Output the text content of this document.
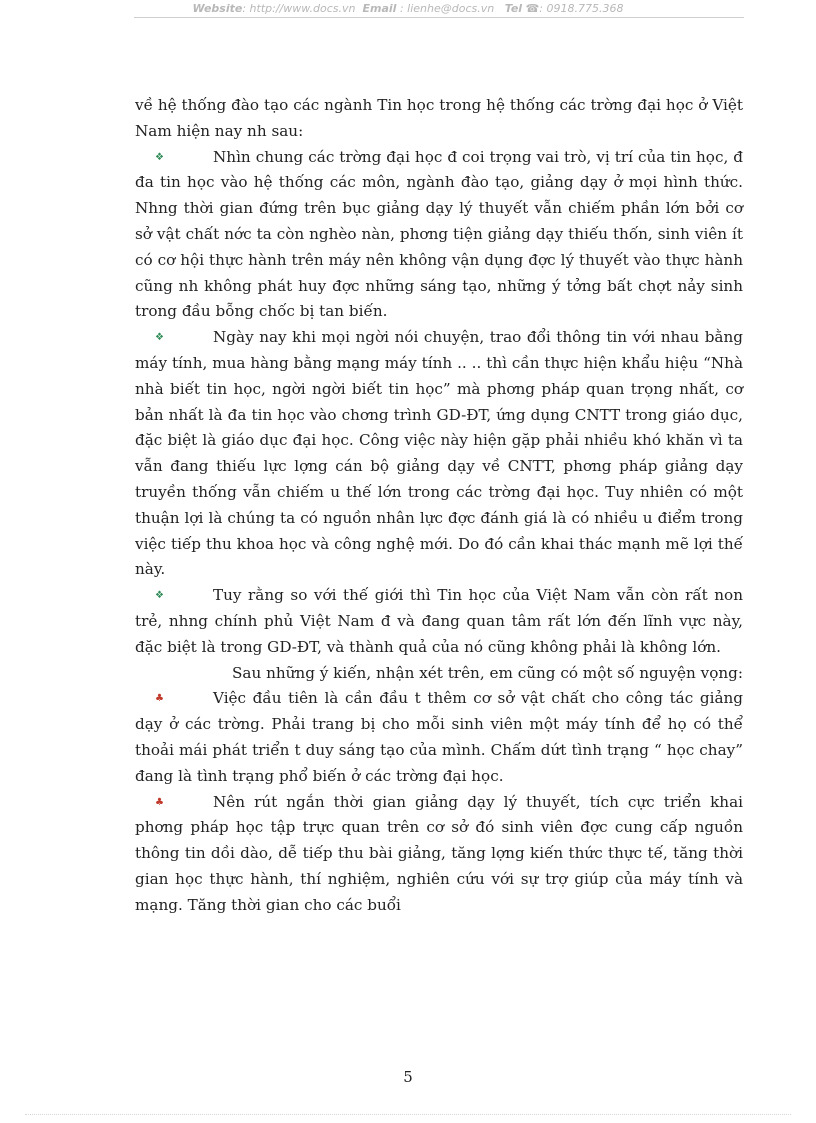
Website: http://www.docs.vn Email : lienhe@docs.vn Tel ☎: 0918.775.368

về hệ thống đào tạo các ngành Tin học trong hệ thống các trờng đại học ở Việt Nam hiện nay nh sau:

❖	Nhìn chung các trờng đại học đ coi trọng vai trò, vị trí của tin học, đ đa tin học vào hệ thống các môn, ngành đào tạo, giảng dạy ở mọi hình thức. Nhng thời gian đứng trên bục giảng dạy lý thuyết vẫn chiếm phần lớn bởi cơ sở vật chất nớc ta còn nghèo nàn, phơng tiện giảng dạy thiếu thốn, sinh viên ít có cơ hội thực hành trên máy nên không vận dụng đợc lý thuyết vào thực hành cũng nh không phát huy đợc những sáng tạo, những ý tởng bất chợt nảy sinh trong đầu bỗng chốc bị tan biến.

❖	Ngày nay khi mọi ngời nói chuyện, trao đổi thông tin với nhau bằng máy tính, mua hàng bằng mạng máy tính .. .. thì cần thực hiện khẩu hiệu “Nhà nhà biết tin học, ngời ngời biết tin học” mà phơng pháp quan trọng nhất, cơ bản nhất là đa tin học vào chơng trình GD-ĐT, ứng dụng CNTT trong giáo dục, đặc biệt là giáo dục đại học. Công việc này hiện gặp phải nhiều khó khăn vì ta vẫn đang thiếu lực lợng cán bộ giảng dạy về CNTT, phơng pháp giảng dạy truyền thống vẫn chiếm u thế lớn trong các trờng đại học. Tuy nhiên có một thuận lợi là chúng ta có nguồn nhân lực đợc đánh giá là có nhiều u điểm trong việc tiếp thu khoa học và công nghệ mới. Do đó cần khai thác mạnh mẽ lợi thế này.

❖	Tuy rằng so với thế giới thì Tin học của Việt Nam vẫn còn rất non trẻ, nhng chính phủ Việt Nam đ và đang quan tâm rất lớn đến lĩnh vực này, đặc biệt là trong GD-ĐT, và thành quả của nó cũng không phải là không lớn.

Sau những ý kiến, nhận xét trên, em cũng có một số nguyện vọng:

♣	Việc đầu tiên là cần đầu t thêm cơ sở vật chất cho công tác giảng dạy ở các trờng. Phải trang bị cho mỗi sinh viên một máy tính để họ có thể thoải mái phát triển t duy sáng tạo của mình. Chấm dứt tình trạng “ học chay” đang là tình trạng phổ biến ở các trờng đại học.

♣	Nên rút ngắn thời gian giảng dạy lý thuyết, tích cực triển khai phơng pháp học tập trực quan trên cơ sở đó sinh viên đợc cung cấp nguồn thông tin dồi dào, dễ tiếp thu bài giảng, tăng lợng kiến thức thực tế, tăng thời gian học thực hành, thí nghiệm, nghiên cứu với sự trợ giúp của máy tính và mạng. Tăng thời gian cho các buổi

5
